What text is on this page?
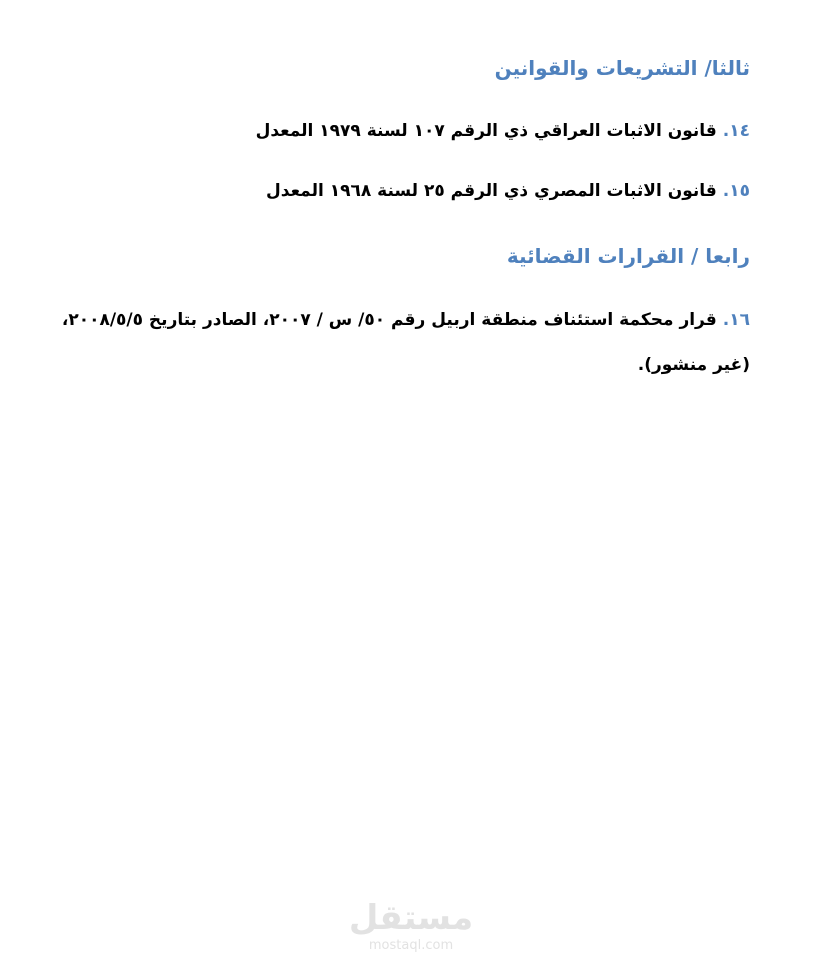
ثالثا/ التشريعات والقوانين
١٤.قانون الاثبات العراقي ذي الرقم ١٠٧ لسنة ١٩٧٩ المعدل
١٥.قانون الاثبات المصري ذي الرقم ٢٥ لسنة ١٩٦٨ المعدل
رابعا / القرارات القضائية
١٦.قرار محكمة استئناف منطقة اربيل رقم ٥٠/ س / ٢٠٠٧، الصادر بتاريخ ٢٠٠٨/٥/٥، (غير منشور).
مستقل
mostaql.com
